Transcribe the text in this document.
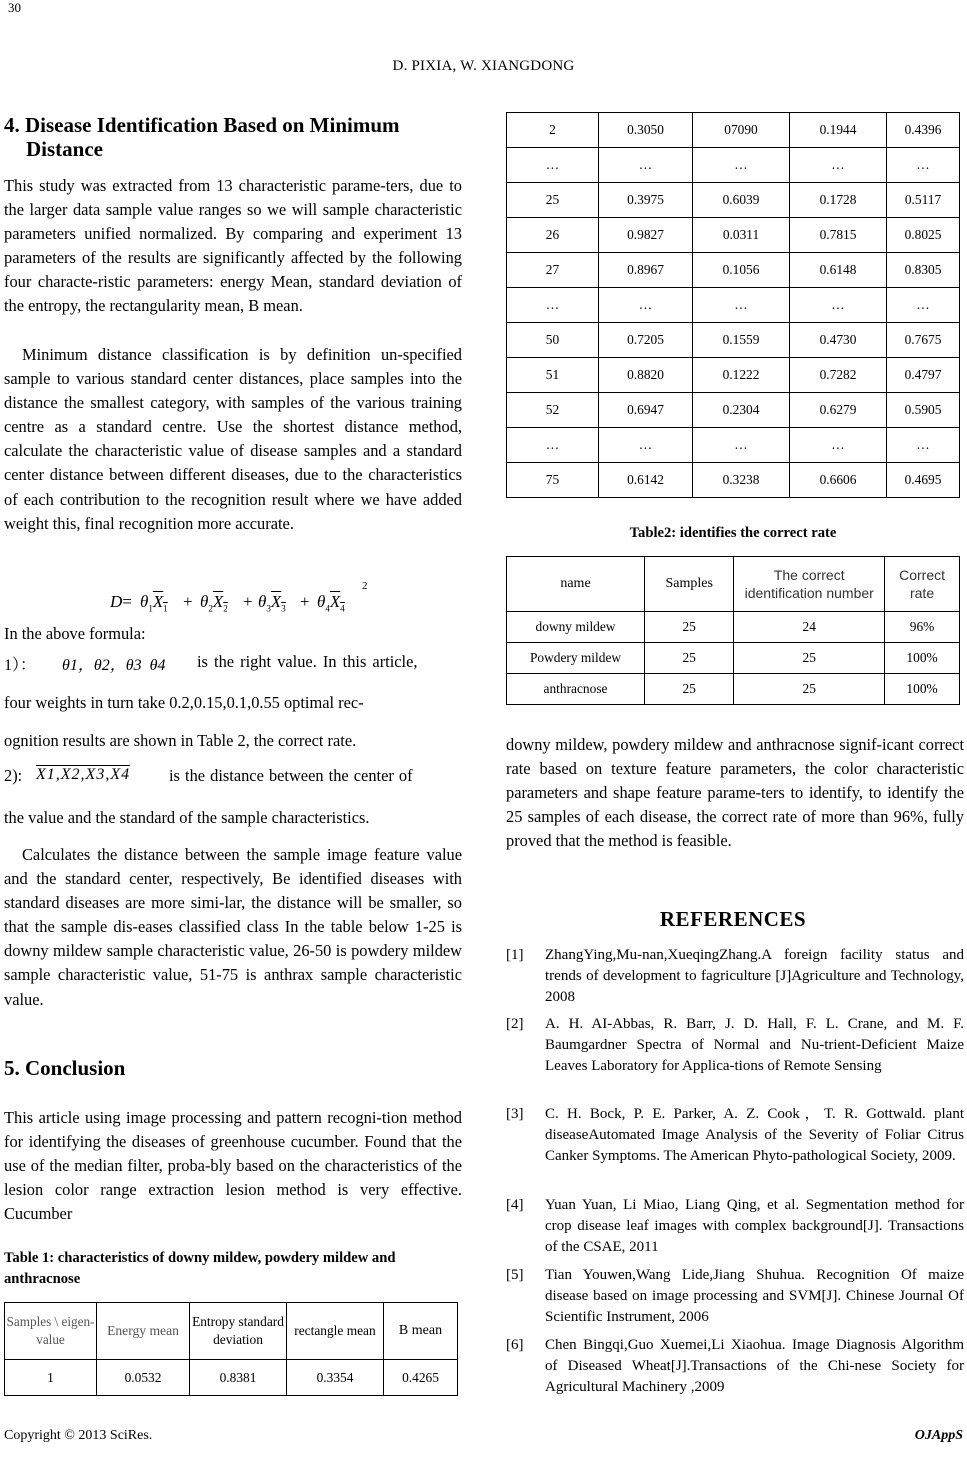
30
D. PIXIA, W. XIANGDONG
4. Disease Identification Based on Minimum
Distance

This study was extracted from 13 characteristic parame-ters, due to the larger data sample value ranges so we will sample characteristic parameters unified normalized. By comparing and experiment 13 parameters of the results are significantly affected by the following four characte-ristic parameters: energy Mean, standard deviation of the entropy, the rectangularity mean, B mean.

Minimum distance classification is by definition un-specified sample to various standard center distances, place samples into the distance the smallest category, with samples of the various training centre as a standard centre. Use the shortest distance method, calculate the characteristic value of disease samples and a standard center distance between different diseases, due to the characteristics of each contribution to the recognition result where we have added weight this, final recognition more accurate.

$D= \theta_1X_1 + \theta_2X_2 + \theta_3X_3 + \theta_4X_4$
2

In the above formula:

1）： θ1，θ2，θ3 θ4 is the right value. In this article,

four weights in turn take 0.2,0.15,0.1,0.55 optimal rec-

ognition results are shown in Table 2, the correct rate.

2): X1,X2,X3,X4 is the distance between the center of

the value and the standard of the sample characteristics.

Calculates the distance between the sample image feature value and the standard center, respectively, Be identified diseases with standard diseases are more simi-lar, the distance will be smaller, so that the sample dis-eases classified class In the table below 1-25 is downy mildew sample characteristic value, 26-50 is powdery mildew sample characteristic value, 51-75 is anthrax sample characteristic value.

5. Conclusion

This article using image processing and pattern recogni-tion method for identifying the diseases of greenhouse cucumber. Found that the use of the median filter, proba-bly based on the characteristics of the lesion color range extraction lesion method is very effective. Cucumber

Table 1: characteristics of downy mildew, powdery mildew and anthracnose
Samples \ eigen- value	Energy mean	Entropy standard deviation	rectangle mean	B mean
1	0.0532	0.8381	0.3354	0.4265
2	0.3050	07090	0.1944	0.4396
…	…	…	…	…
25	0.3975	0.6039	0.1728	0.5117
26	0.9827	0.0311	0.7815	0.8025
27	0.8967	0.1056	0.6148	0.8305
…	…	…	…	…
50	0.7205	0.1559	0.4730	0.7675
51	0.8820	0.1222	0.7282	0.4797
52	0.6947	0.2304	0.6279	0.5905
…	…	…	…	…
75	0.6142	0.3238	0.6606	0.4695
Table2: identifies the correct rate
name	Samples	The correct identification number	Correct rate
downy mildew	25	24	96%
Powdery mildew	25	25	100%
anthracnose	25	25	100%

downy mildew, powdery mildew and anthracnose signif-icant correct rate based on texture feature parameters, the color characteristic parameters and shape feature parame-ters to identify, to identify the 25 samples of each disease, the correct rate of more than 96%, fully proved that the method is feasible.

REFERENCES
[1] ZhangYing,Mu-nan,XueqingZhang.A foreign facility status and trends of development to fagriculture [J]Agriculture and Technology, 2008
[2] A. H. AI-Abbas, R. Barr, J. D. Hall, F. L. Crane, and M. F. Baumgardner Spectra of Normal and Nu-trient-Deficient Maize Leaves Laboratory for Applica-tions of Remote Sensing
[3] C. H. Bock, P. E. Parker, A. Z. Cook，T. R. Gottwald. plant diseaseAutomated Image Analysis of the Severity of Foliar Citrus Canker Symptoms. The American Phyto-pathological Society, 2009.
[4] Yuan Yuan, Li Miao, Liang Qing, et al. Segmentation method for crop disease leaf images with complex background[J]. Transactions of the CSAE, 2011
[5] Tian Youwen,Wang Lide,Jiang Shuhua. Recognition Of maize disease based on image processing and SVM[J]. Chinese Journal Of Scientific Instrument, 2006
[6] Chen Bingqi,Guo Xuemei,Li Xiaohua. Image Diagnosis Algorithm of Diseased Wheat[J].Transactions of the Chi-nese Society for Agricultural Machinery ,2009
Copyright © 2013 SciRes.	OJAppS
